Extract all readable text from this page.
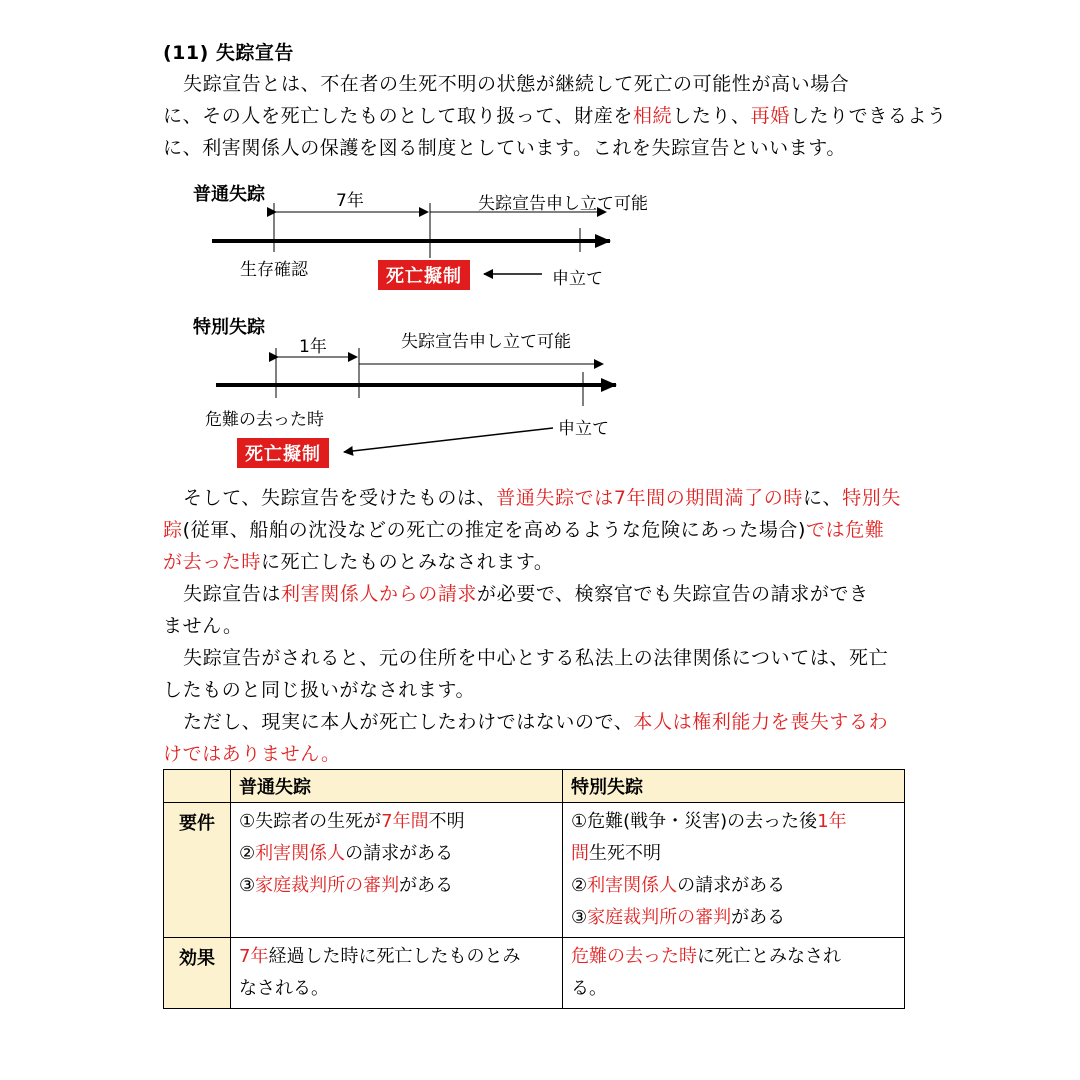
(11) 失踪宣告
失踪宣告とは、不在者の生死不明の状態が継続して死亡の可能性が高い場合
に、その人を死亡したものとして取り扱って、財産を相続したり、再婚したりできるよう
に、利害関係人の保護を図る制度としています。これを失踪宣告といいます。
普通失踪	7年	失踪宣告申し立て可能
生存確認	死亡擬制	申立て
特別失踪
1年	失踪宣告申し立て可能
危難の去った時
死亡擬制
申立て
そして、失踪宣告を受けたものは、普通失踪では7年間の期間満了の時に、特別失
踪(従軍、船舶の沈没などの死亡の推定を高めるような危険にあった場合)では危難
が去った時に死亡したものとみなされます。
失踪宣告は利害関係人からの請求が必要で、検察官でも失踪宣告の請求ができ
ません。
失踪宣告がされると、元の住所を中心とする私法上の法律関係については、死亡
したものと同じ扱いがなされます。
ただし、現実に本人が死亡したわけではないので、本人は権利能力を喪失するわ
けではありません。
	普通失踪	特別失踪
要件	①失踪者の生死が7年間不明
②利害関係人の請求がある
③家庭裁判所の審判がある	①危難(戦争・災害)の去った後1年
間生死不明
②利害関係人の請求がある
③家庭裁判所の審判がある

効果	7年経過した時に死亡したものとみ
なされる。	危難の去った時に死亡とみなされ
る。
